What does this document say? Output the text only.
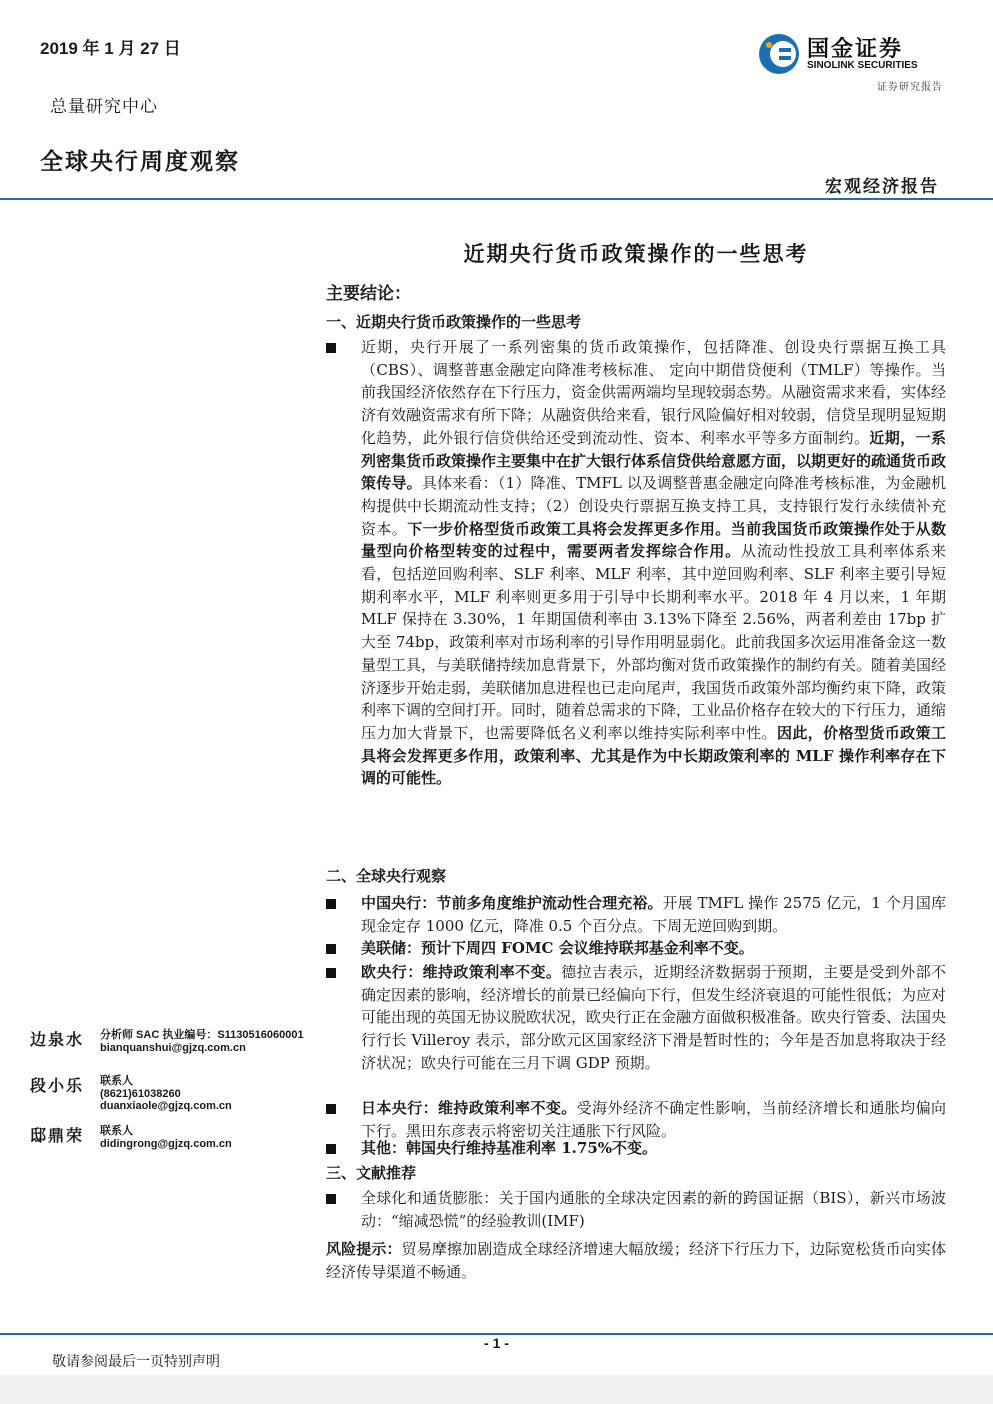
2019 年 1 月 27 日
总量研究中心
全球央行周度观察
宏观经济报告
国金证券
SINOLINK SECURITIES
证券研究报告
近期央行货币政策操作的一些思考
主要结论：
一、近期央行货币政策操作的一些思考
近期，央行开展了一系列密集的货币政策操作，包括降准、创设央行票据互换工具（CBS）、调整普惠金融定向降准考核标准、 定向中期借贷便利（TMLF）等操作。当前我国经济依然存在下行压力，资金供需两端均呈现较弱态势。从融资需求来看，实体经济有效融资需求有所下降；从融资供给来看，银行风险偏好相对较弱，信贷呈现明显短期化趋势，此外银行信贷供给还受到流动性、资本、利率水平等多方面制约。近期，一系列密集货币政策操作主要集中在扩大银行体系信贷供给意愿方面，以期更好的疏通货币政策传导。具体来看：（1）降准、TMFL 以及调整普惠金融定向降准考核标准，为金融机构提供中长期流动性支持；（2）创设央行票据互换支持工具，支持银行发行永续债补充资本。下一步价格型货币政策工具将会发挥更多作用。当前我国货币政策操作处于从数量型向价格型转变的过程中，需要两者发挥综合作用。从流动性投放工具利率体系来看，包括逆回购利率、SLF 利率、MLF 利率，其中逆回购利率、SLF 利率主要引导短期利率水平，MLF 利率则更多用于引导中长期利率水平。2018 年 4 月以来，1 年期 MLF 保持在 3.30%，1 年期国债利率由 3.13%下降至 2.56%，两者利差由 17bp 扩大至 74bp，政策利率对市场利率的引导作用明显弱化。此前我国多次运用准备金这一数量型工具，与美联储持续加息背景下，外部均衡对货币政策操作的制约有关。随着美国经济逐步开始走弱，美联储加息进程也已走向尾声，我国货币政策外部均衡约束下降，政策利率下调的空间打开。同时，随着总需求的下降，工业品价格存在较大的下行压力，通缩压力加大背景下，也需要降低名义利率以维持实际利率中性。因此，价格型货币政策工具将会发挥更多作用，政策利率、尤其是作为中长期政策利率的 MLF 操作利率存在下调的可能性。
二、全球央行观察
中国央行：节前多角度维护流动性合理充裕。开展 TMFL 操作 2575 亿元，1 个月国库现金定存 1000 亿元，降准 0.5 个百分点。下周无逆回购到期。
美联储：预计下周四 FOMC 会议维持联邦基金利率不变。
欧央行：维持政策利率不变。德拉吉表示，近期经济数据弱于预期，主要是受到外部不确定因素的影响，经济增长的前景已经偏向下行，但发生经济衰退的可能性很低；为应对可能出现的英国无协议脱欧状况，欧央行正在金融方面做积极准备。欧央行管委、法国央行行长 Villeroy 表示，部分欧元区国家经济下滑是暂时性的；今年是否加息将取决于经济状况；欧央行可能在三月下调 GDP 预期。
日本央行：维持政策利率不变。受海外经济不确定性影响，当前经济增长和通胀均偏向下行。黑田东彦表示将密切关注通胀下行风险。
其他：韩国央行维持基准利率 1.75%不变。
三、文献推荐
全球化和通货膨胀：关于国内通胀的全球决定因素的新的跨国证据（BIS），新兴市场波动：“缩减恐慌”的经验教训(IMF)
风险提示：贸易摩擦加剧造成全球经济增速大幅放缓；经济下行压力下，边际宽松货币向实体经济传导渠道不畅通。
边泉水 分析师 SAC 执业编号：S1130516060001
bianquanshui@gjzq.com.cn
段小乐 联系人
(8621)61038260
duanxiaole@gjzq.com.cn
邸鼎荣 联系人
didingrong@gjzq.com.cn
- 1 -
敬请参阅最后一页特别声明
